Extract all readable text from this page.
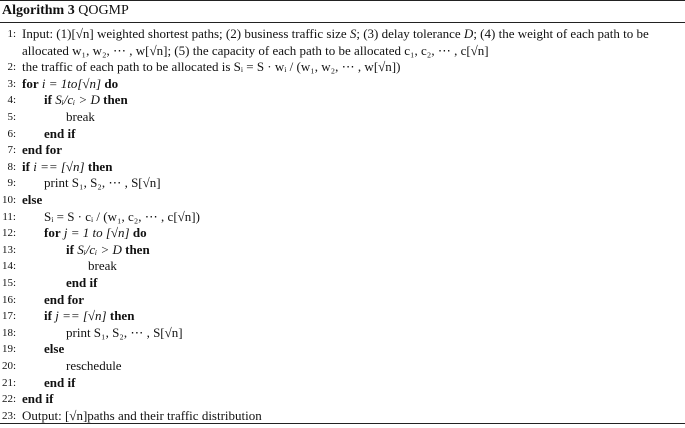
Algorithm 3 QOGMP
1: Input: (1)[√n] weighted shortest paths; (2) business traffic size S; (3) delay tolerance D; (4) the weight of each path to be
allocated w₁, w₂, ⋯ , w[√n]; (5) the capacity of each path to be allocated c₁, c₂, ⋯ , c[√n]
2: the traffic of each path to be allocated is Sᵢ = S · wᵢ / (w₁, w₂, ⋯ , w[√n])
3: for i = 1to[√n] do
4: if Sᵢ/cᵢ > D then
5:	break
6: end if
7: end for
8: if i == [√n] then
9: print S₁, S₂, ⋯ , S[√n]
10: else
11: Sᵢ = S · cᵢ / (w₁, c₂, ⋯ , c[√n])
12: for j = 1 to [√n] do
13:	if Sᵢ/cᵢ > D then
14:	break
15:	end if
16: end for
17: if j == [√n] then
18:	print S₁, S₂, ⋯ , S[√n]
19: else
20:	reschedule
21: end if
22: end if
23: Output: [√n]paths and their traffic distribution
